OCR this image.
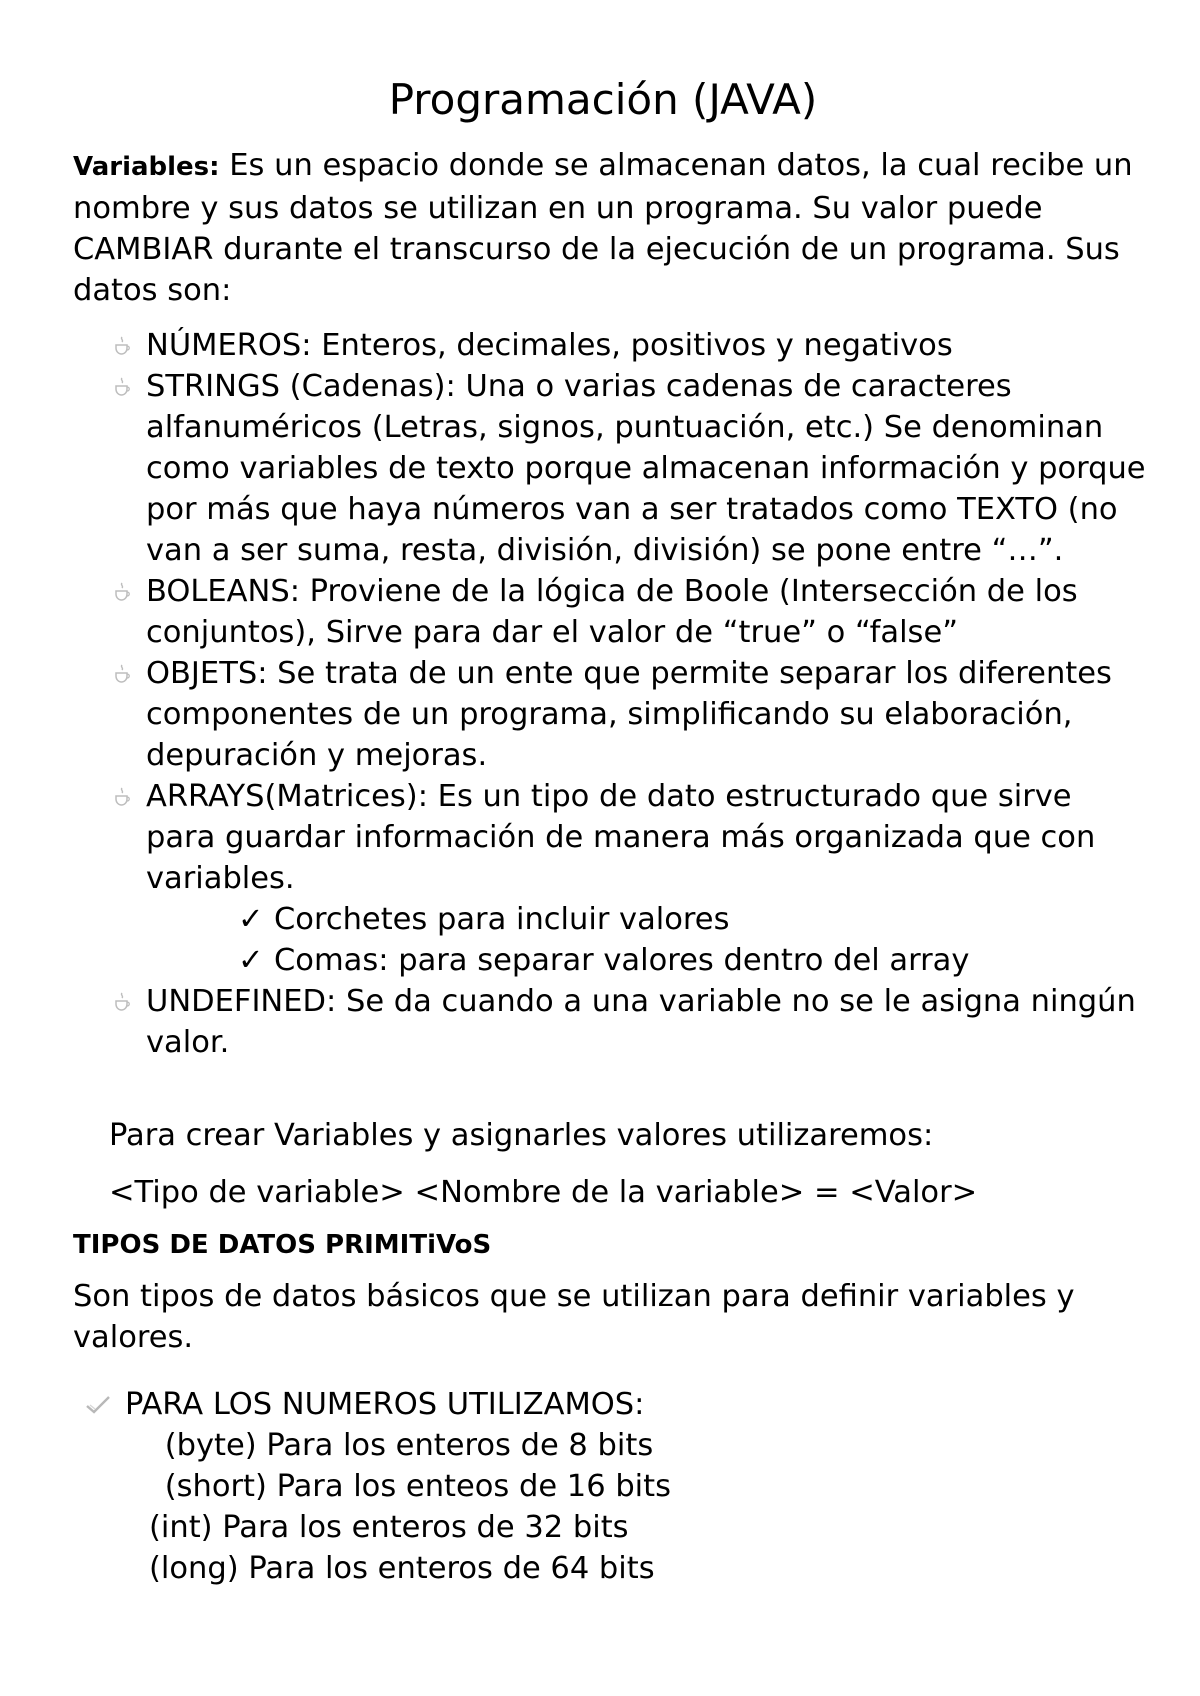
Programación (JAVA)

Variables: Es un espacio donde se almacenan datos, la cual recibe un nombre y sus datos se utilizan en un programa. Su valor puede CAMBIAR durante el transcurso de la ejecución de un programa. Sus datos son:

NÚMEROS: Enteros, decimales, positivos y negativos
STRINGS (Cadenas): Una o varias cadenas de caracteres alfanuméricos (Letras, signos, puntuación, etc.) Se denominan como variables de texto porque almacenan información y porque por más que haya números van a ser tratados como TEXTO (no van a ser suma, resta, división, división) se pone entre “…”.
BOLEANS: Proviene de la lógica de Boole (Intersección de los conjuntos), Sirve para dar el valor de “true” o “false”
OBJETS: Se trata de un ente que permite separar los diferentes componentes de un programa, simplificando su elaboración, depuración y mejoras.
ARRAYS(Matrices): Es un tipo de dato estructurado que sirve para guardar información de manera más organizada que con variables.
✓ Corchetes para incluir valores
✓ Comas: para separar valores dentro del array
UNDEFINED: Se da cuando a una variable no se le asigna ningún valor.

Para crear Variables y asignarles valores utilizaremos:

<Tipo de variable> <Nombre de la variable> = <Valor>

TIPOS DE DATOS PRIMITiVoS

Son tipos de datos básicos que se utilizan para definir variables y valores.

PARA LOS NUMEROS UTILIZAMOS:
(byte) Para los enteros de 8 bits
(short) Para los enteos de 16 bits
(int) Para los enteros de 32 bits
(long) Para los enteros de 64 bits
